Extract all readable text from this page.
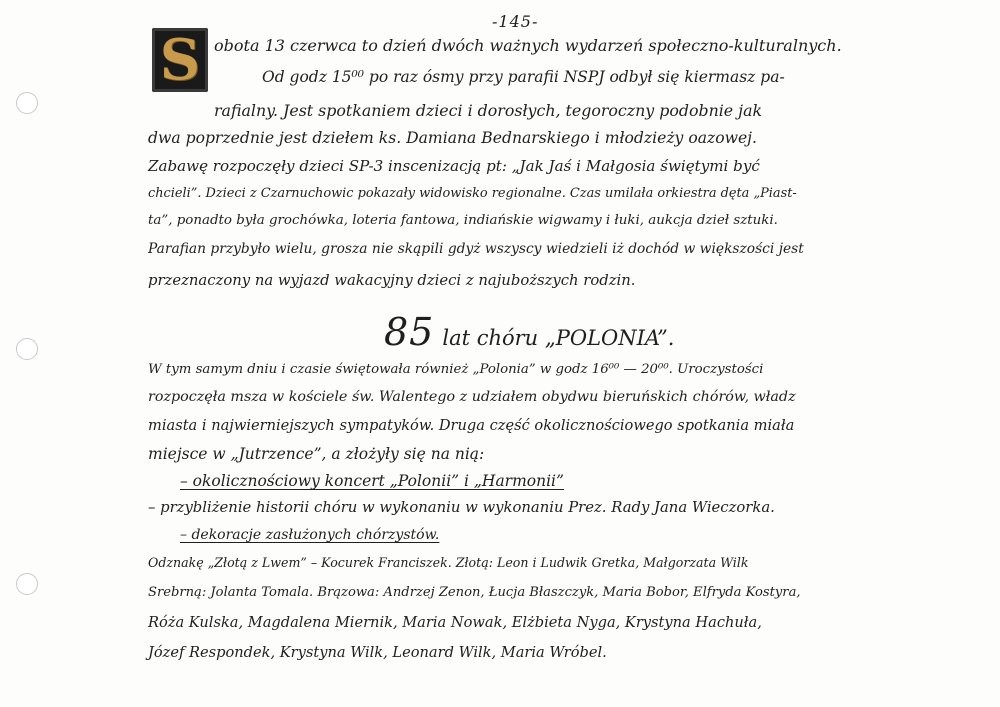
-145-
S obota 13 czerwca to dzień dwóch ważnych wydarzeń społeczno-kulturalnych.
Od godz 15⁰⁰ po raz ósmy przy parafii NSPJ odbył się kiermasz pa-
rafialny. Jest spotkaniem dzieci i dorosłych, tegoroczny podobnie jak
dwa poprzednie jest dziełem ks. Damiana Bednarskiego i młodzieży oazowej.
Zabawę rozpoczęły dzieci SP-3 inscenizacją pt: „Jak Jaś i Małgosia świętymi być
chcieli”. Dzieci z Czarnuchowic pokazały widowisko regionalne. Czas umilała orkiestra dęta „Piast-
ta”, ponadto była grochówka, loteria fantowa, indiańskie wigwamy i łuki, aukcja dzieł sztuki.
Parafian przybyło wielu, grosza nie skąpili gdyż wszyscy wiedzieli iż dochód w większości jest
przeznaczony na wyjazd wakacyjny dzieci z najuboższych rodzin.
85 lat chóru „POLONIA”.
W tym samym dniu i czasie świętowała również „Polonia” w godz 16⁰⁰ — 20⁰⁰. Uroczystości
rozpoczęła msza w kościele św. Walentego z udziałem obydwu bieruńskich chórów, władz
miasta i najwierniejszych sympatyków. Druga część okolicznościowego spotkania miała
miejsce w „Jutrzence”, a złożyły się na nią:
– okolicznościowy koncert „Polonii” i „Harmonii”
– przybliżenie historii chóru w wykonaniu w wykonaniu Prez. Rady Jana Wieczorka.
– dekoracje zasłużonych chórzystów.
Odznakę „Złotą z Lwem” – Kocurek Franciszek. Złotą: Leon i Ludwik Gretka, Małgorzata Wilk
Srebrną: Jolanta Tomala. Brązowa: Andrzej Zenon, Łucja Błaszczyk, Maria Bobor, Elfryda Kostyra,
Róża Kulska, Magdalena Miernik, Maria Nowak, Elżbieta Nyga, Krystyna Hachuła,
Józef Respondek, Krystyna Wilk, Leonard Wilk, Maria Wróbel.
